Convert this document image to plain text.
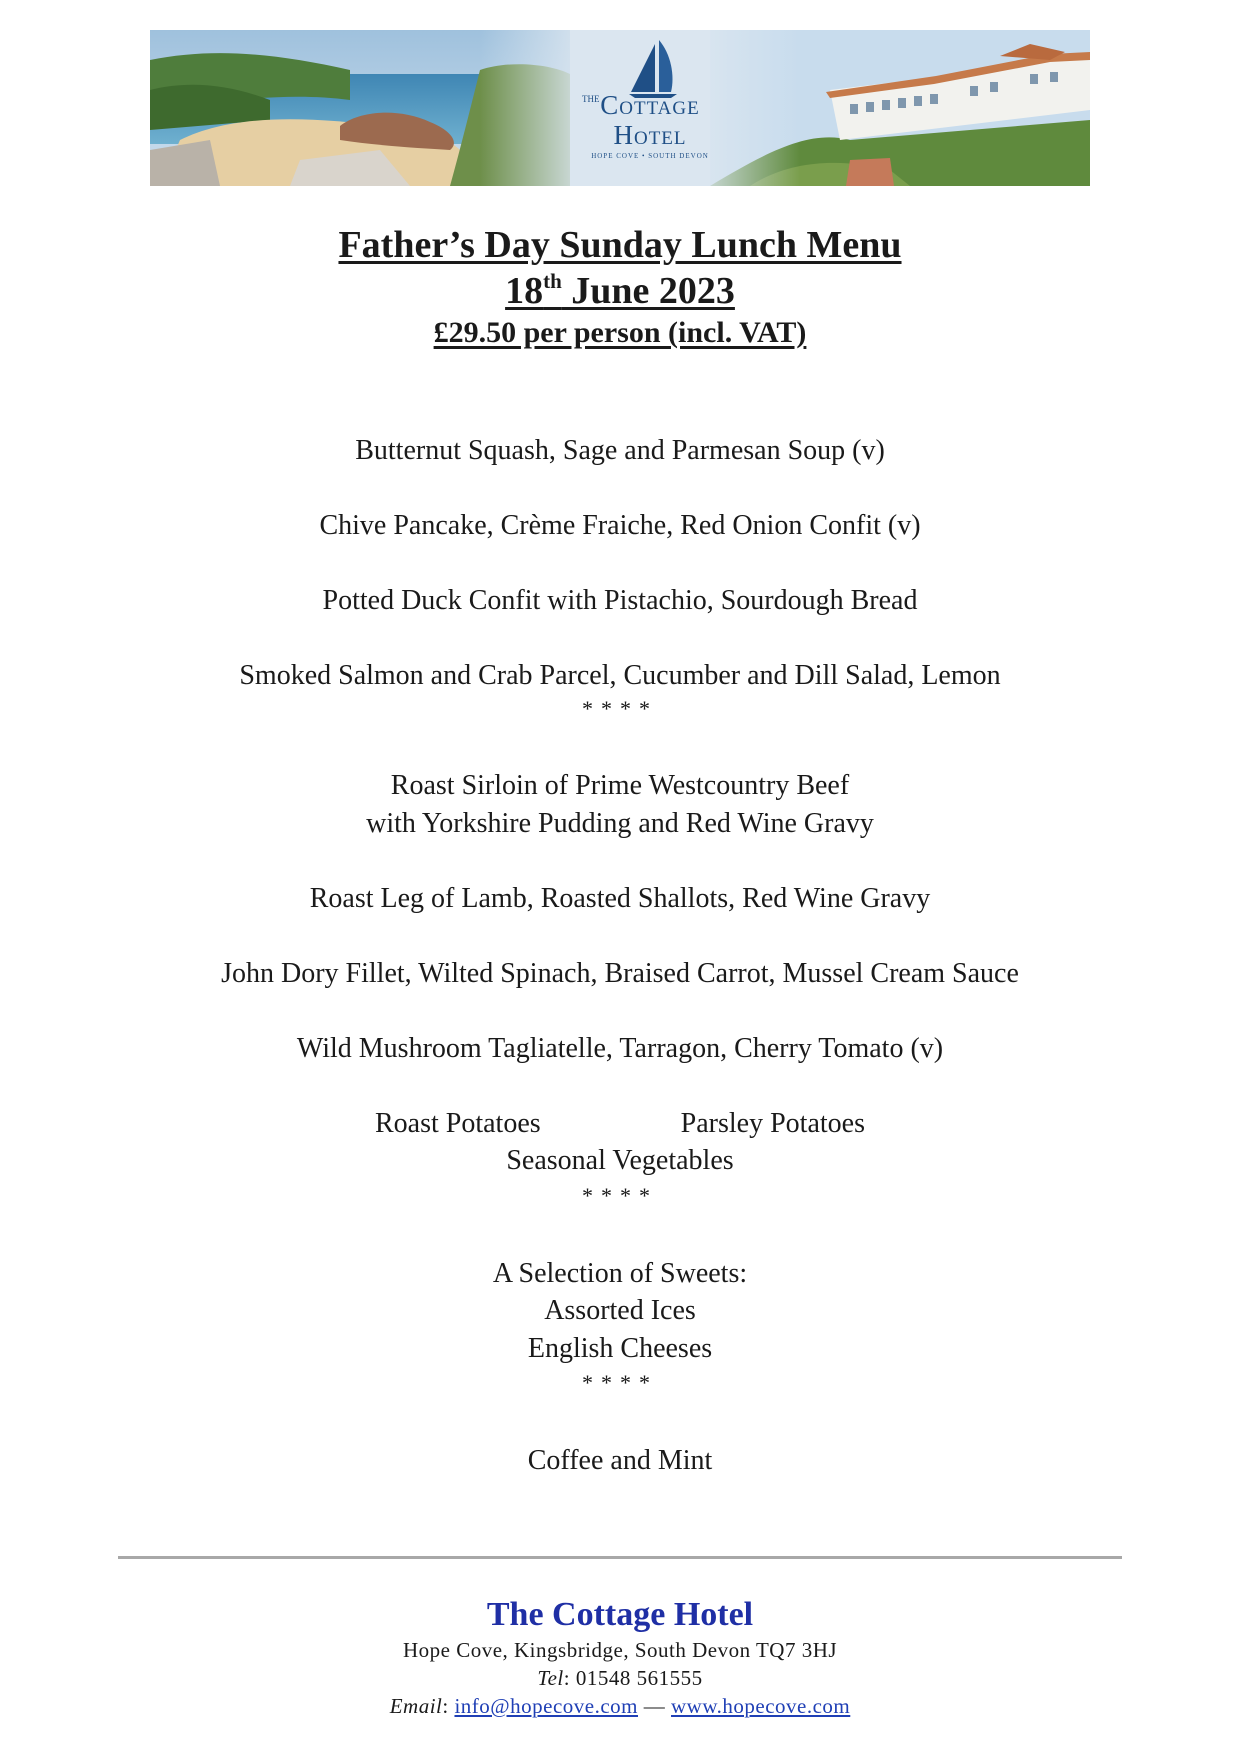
THE Cottage
Hotel
HOPE COVE • SOUTH DEVON
Father’s Day Sunday Lunch Menu
18th June 2023
£29.50 per person (incl. VAT)
Butternut Squash, Sage and Parmesan Soup (v)
Chive Pancake, Crème Fraiche, Red Onion Confit (v)
Potted Duck Confit with Pistachio, Sourdough Bread
Smoked Salmon and Crab Parcel, Cucumber and Dill Salad, Lemon
****
Roast Sirloin of Prime Westcountry Beef
with Yorkshire Pudding and Red Wine Gravy
Roast Leg of Lamb, Roasted Shallots, Red Wine Gravy
John Dory Fillet, Wilted Spinach, Braised Carrot, Mussel Cream Sauce
Wild Mushroom Tagliatelle, Tarragon, Cherry Tomato (v)
Roast Potatoes	Parsley Potatoes
Seasonal Vegetables
****
A Selection of Sweets:
Assorted Ices
English Cheeses
****
Coffee and Mint
The Cottage Hotel
Hope Cove, Kingsbridge, South Devon TQ7 3HJ
Tel: 01548 561555
Email: info@hopecove.com — www.hopecove.com
